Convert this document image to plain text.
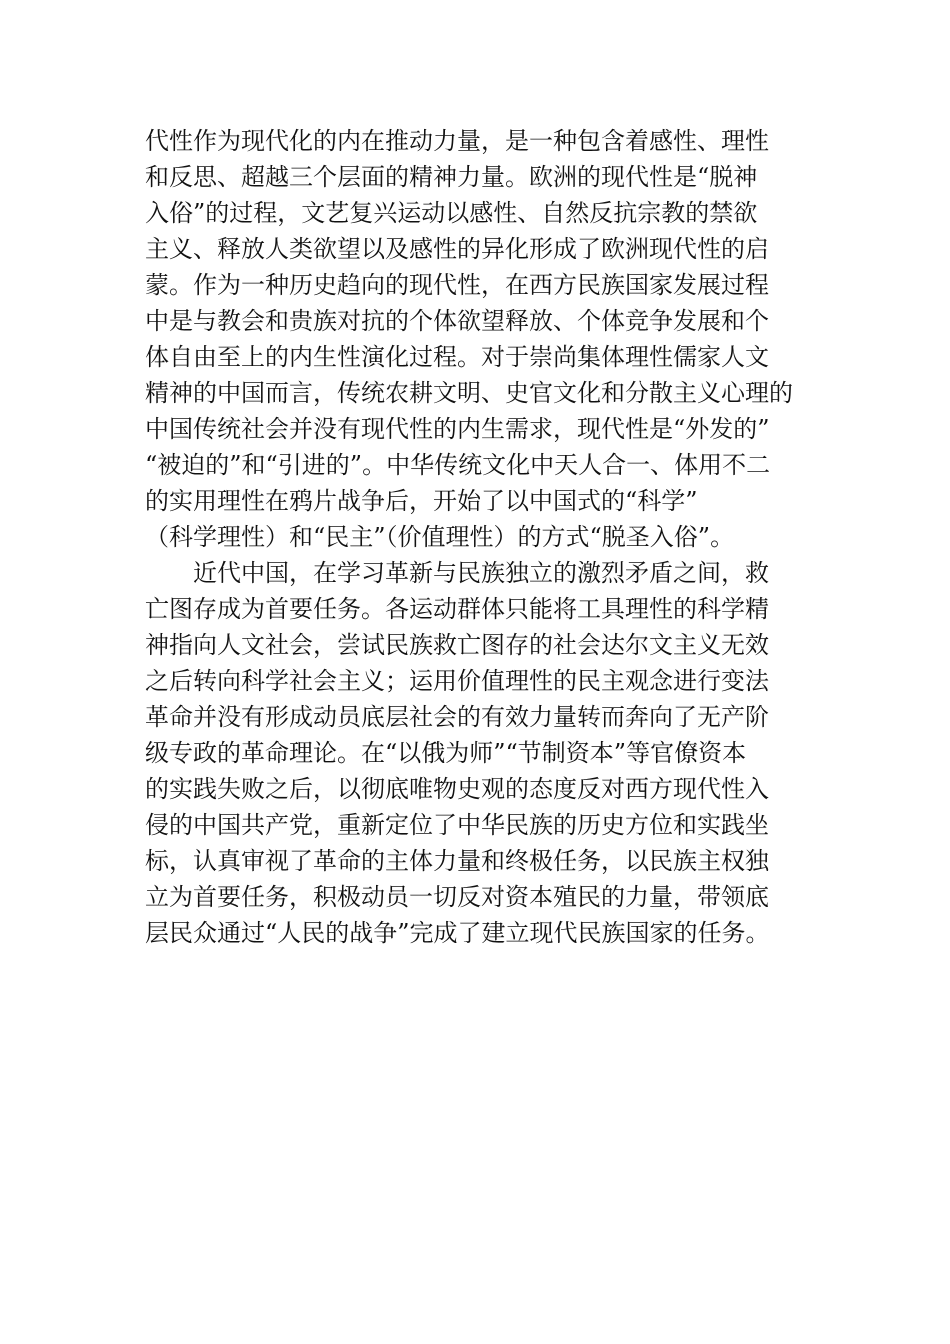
代性作为现代化的内在推动力量，是一种包含着感性、理性
和反思、超越三个层面的精神力量。欧洲的现代性是“脱神
入俗”的过程，文艺复兴运动以感性、自然反抗宗教的禁欲
主义、释放人类欲望以及感性的异化形成了欧洲现代性的启
蒙。作为一种历史趋向的现代性，在西方民族国家发展过程
中是与教会和贵族对抗的个体欲望释放、个体竞争发展和个
体自由至上的内生性演化过程。对于崇尚集体理性儒家人文
精神的中国而言，传统农耕文明、史官文化和分散主义心理的
中国传统社会并没有现代性的内生需求，现代性是“外发的”
“被迫的”和“引进的”。中华传统文化中天人合一、体用不二
的实用理性在鸦片战争后，开始了以中国式的“科学”
（科学理性）和“民主”（价值理性）的方式“脱圣入俗”。
近代中国，在学习革新与民族独立的激烈矛盾之间，救
亡图存成为首要任务。各运动群体只能将工具理性的科学精
神指向人文社会，尝试民族救亡图存的社会达尔文主义无效
之后转向科学社会主义；运用价值理性的民主观念进行变法
革命并没有形成动员底层社会的有效力量转而奔向了无产阶
级专政的革命理论。在“以俄为师”“节制资本”等官僚资本
的实践失败之后，以彻底唯物史观的态度反对西方现代性入
侵的中国共产党，重新定位了中华民族的历史方位和实践坐
标，认真审视了革命的主体力量和终极任务，以民族主权独
立为首要任务，积极动员一切反对资本殖民的力量，带领底
层民众通过“人民的战争”完成了建立现代民族国家的任务。
